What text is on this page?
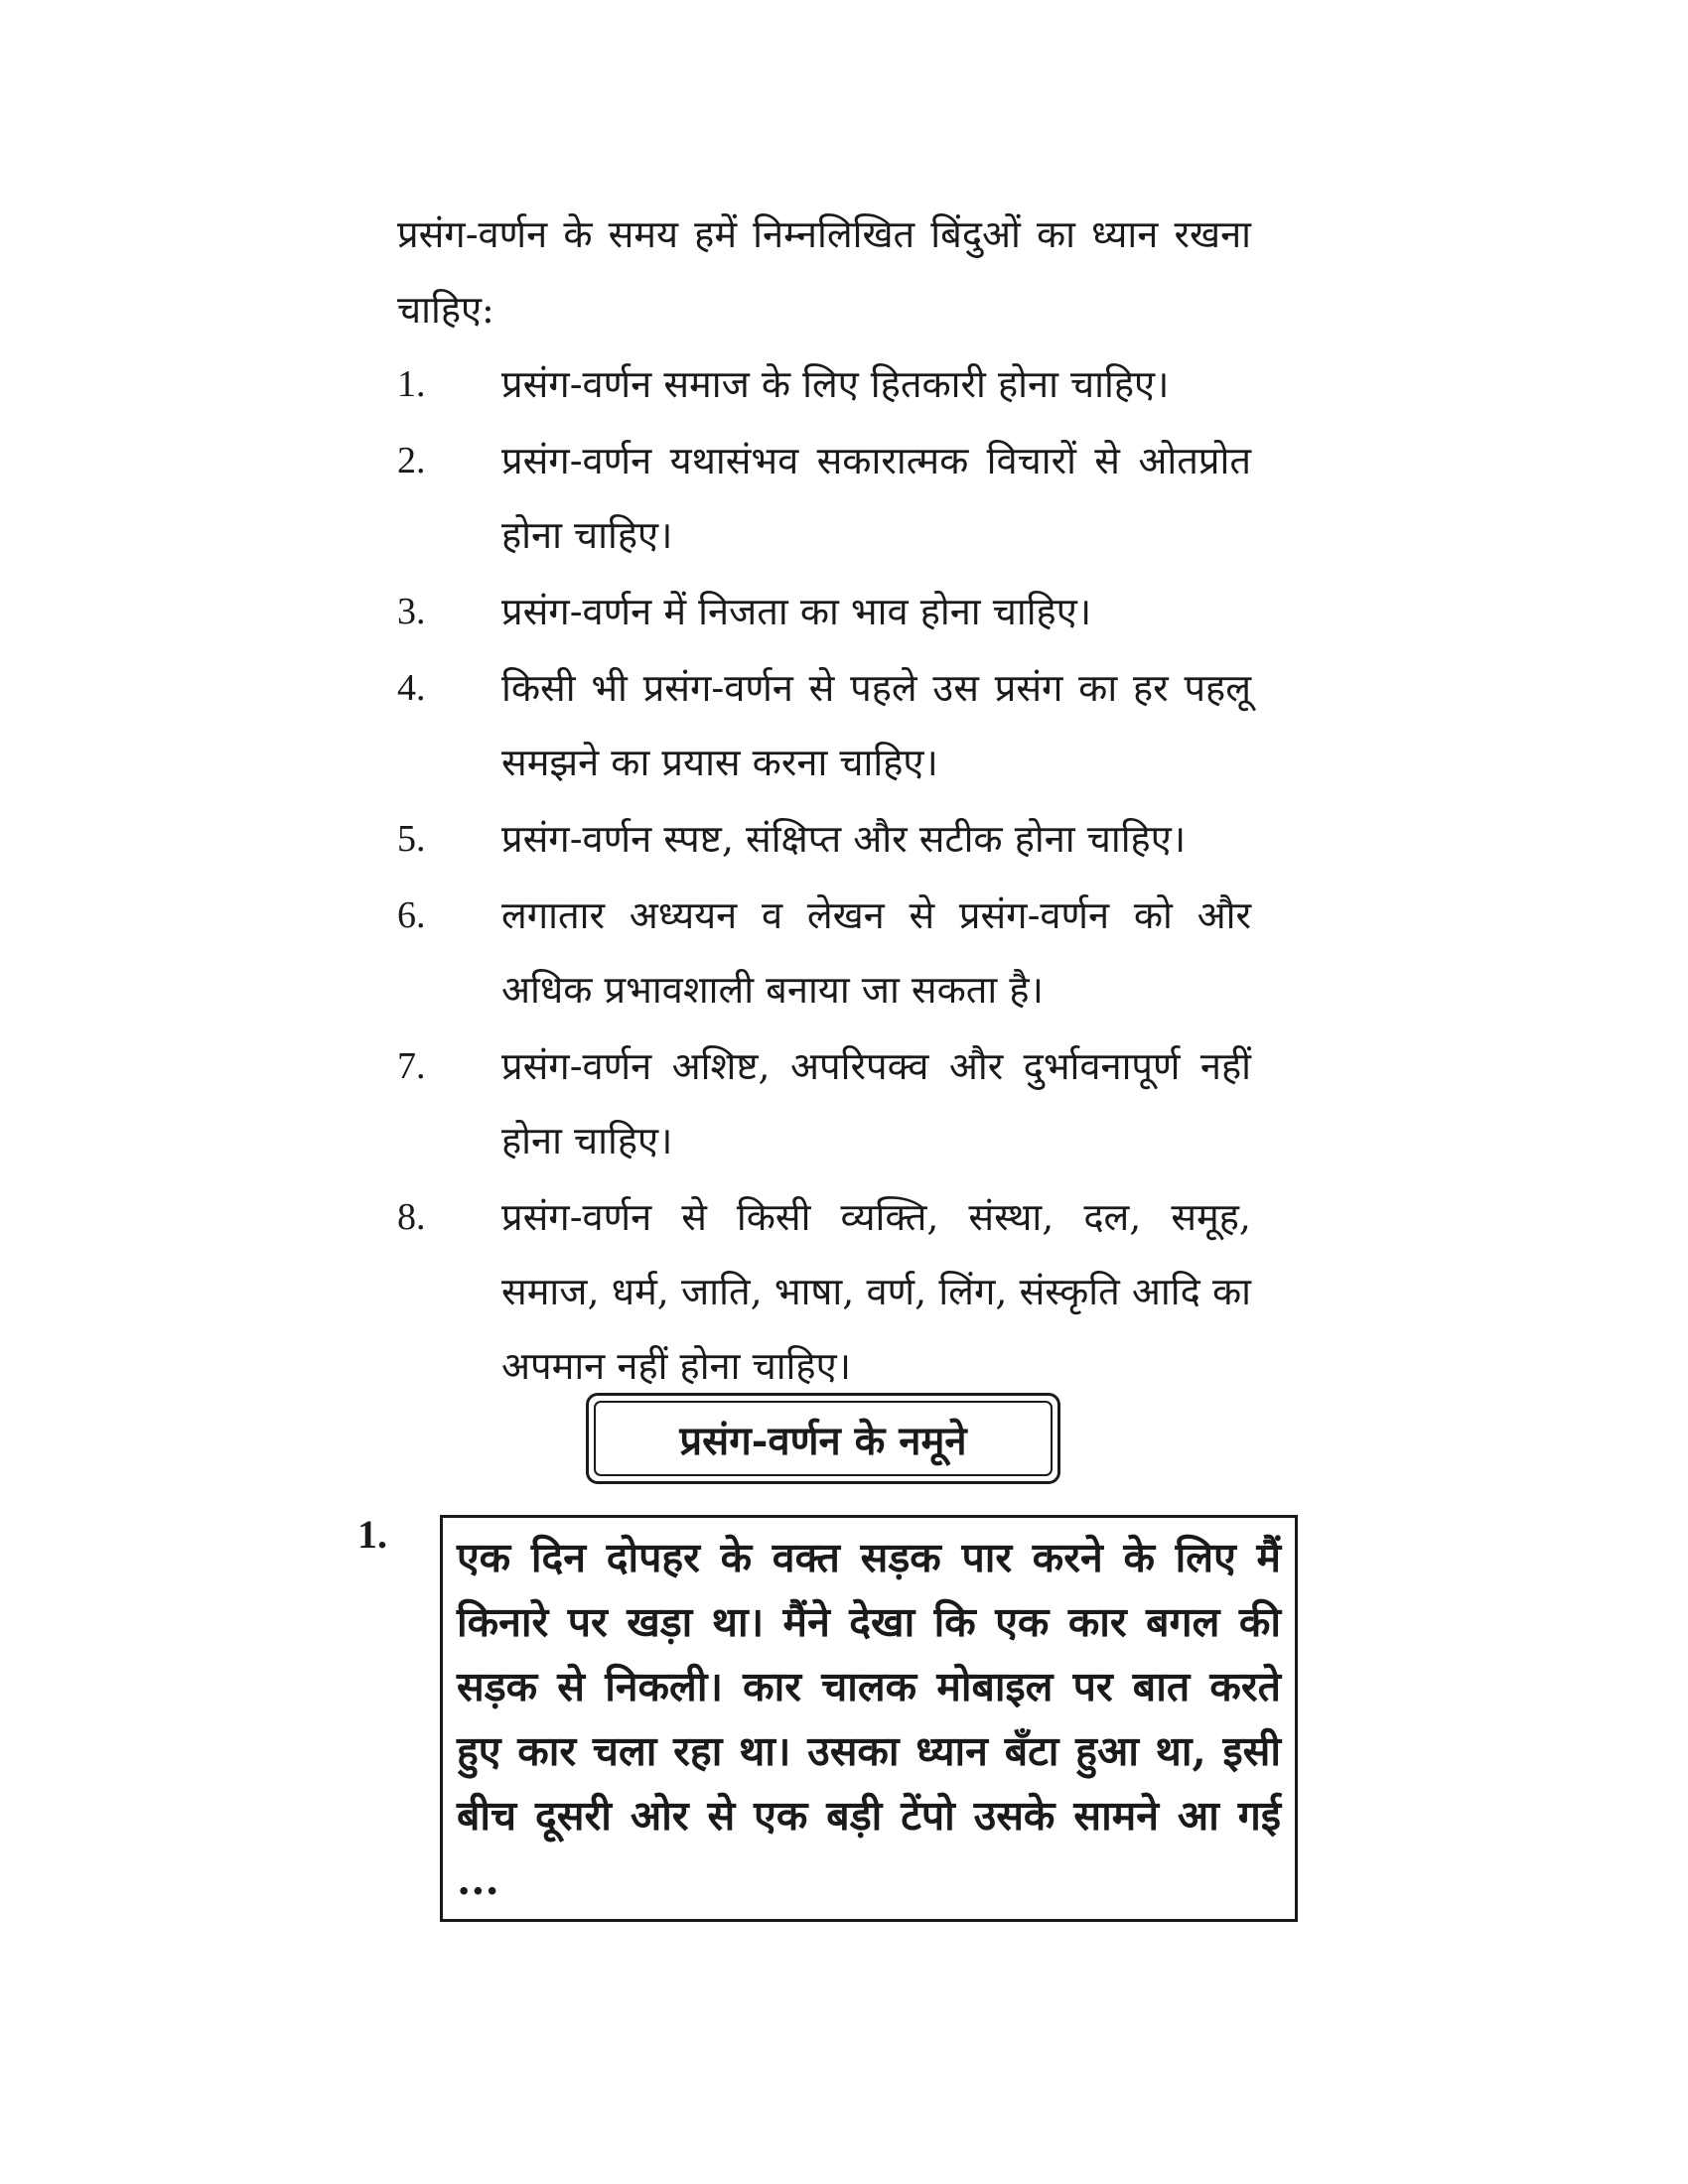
प्रसंग-वर्णन के समय हमें निम्नलिखित बिंदुओं का ध्यान रखना चाहिए:

1.	प्रसंग-वर्णन समाज के लिए हितकारी होना चाहिए।
2.	प्रसंग-वर्णन यथासंभव सकारात्मक विचारों से ओतप्रोत होना चाहिए।
3.	प्रसंग-वर्णन में निजता का भाव होना चाहिए।
4.	किसी भी प्रसंग-वर्णन से पहले उस प्रसंग का हर पहलू समझने का प्रयास करना चाहिए।
5.	प्रसंग-वर्णन स्पष्ट, संक्षिप्त और सटीक होना चाहिए।
6.	लगातार अध्ययन व लेखन से प्रसंग-वर्णन को और अधिक प्रभावशाली बनाया जा सकता है।
7.	प्रसंग-वर्णन अशिष्ट, अपरिपक्व और दुर्भावनापूर्ण नहीं होना चाहिए।
8.	प्रसंग-वर्णन से किसी व्यक्ति, संस्था, दल, समूह, समाज, धर्म, जाति, भाषा, वर्ण, लिंग, संस्कृति आदि का अपमान नहीं होना चाहिए।
प्रसंग-वर्णन के नमूने
1.	एक दिन दोपहर के वक्त सड़क पार करने के लिए मैं किनारे पर खड़ा था। मैंने देखा कि एक कार बगल की सड़क से निकली। कार चालक मोबाइल पर बात करते हुए कार चला रहा था। उसका ध्यान बँटा हुआ था, इसी बीच दूसरी ओर से एक बड़ी टेंपो उसके सामने आ गई ...
